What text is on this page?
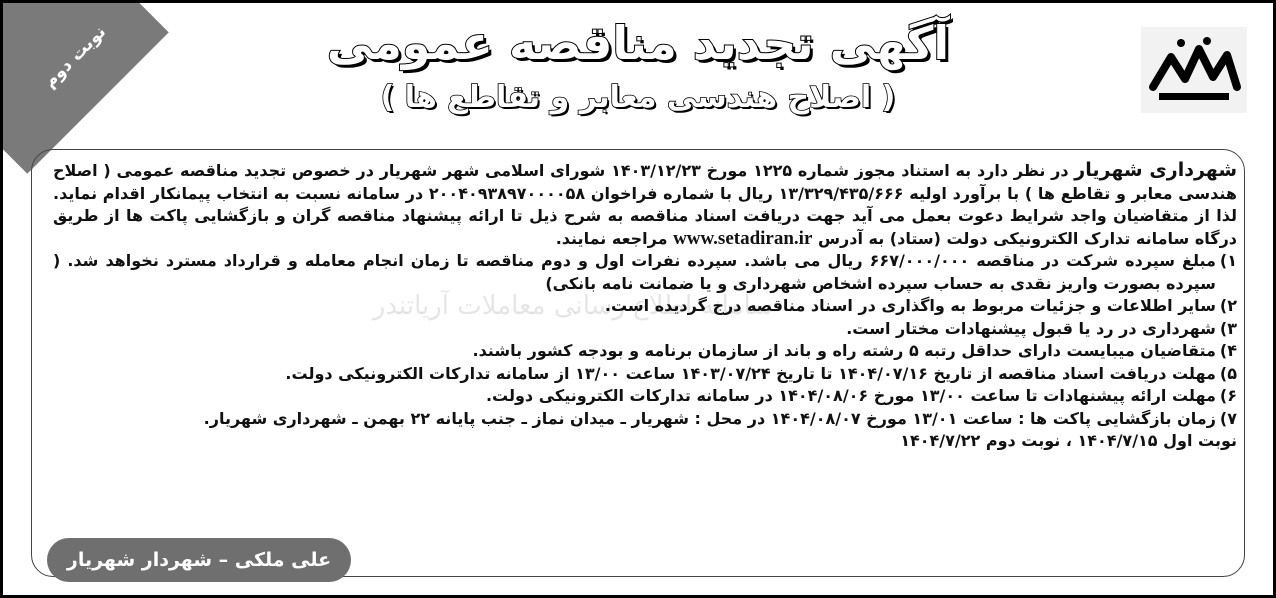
نوبت دوم	آگهی تجدید مناقصه عمومی
( اصلاح هندسی معابر و تقاطع ها )
سامانه اطلاع رسانی معاملات آریاتندر

شهرداری شهریار در نظر دارد به استناد مجوز شماره ۱۲۲۵ مورخ ۱۴۰۳/۱۲/۲۳ شورای اسلامی شهر شهریار در خصوص تجدید مناقصه عمومی ( اصلاح هندسی معابر و تقاطع ها ) با برآورد اولیه ۱۳/۳۲۹/۴۳۵/۶۶۶ ریال با شماره فراخوان ۲۰۰۴۰۹۳۸۹۷۰۰۰۰۵۸ در سامانه نسبت به انتخاب پیمانکار اقدام نماید. لذا از متقاضیان واجد شرایط دعوت بعمل می آید جهت دریافت اسناد مناقصه به شرح ذیل تا ارائه پیشنهاد مناقصه گران و بازگشایی پاکت ها از طریق درگاه سامانه تدارک الکترونیکی دولت (ستاد) به آدرس www.setadiran.ir مراجعه نمایند.

۱)
مبلغ سپرده شرکت در مناقصه ۶۶۷/۰۰۰/۰۰۰ ریال می باشد. سپرده نفرات اول و دوم مناقصه تا زمان انجام معامله و قرارداد مسترد نخواهد شد. ( سپرده بصورت واریز نقدی به حساب سپرده اشخاص شهرداری و یا ضمانت نامه بانکی)
۲)
سایر اطلاعات و جزئیات مربوط به واگذاری در اسناد مناقصه درج گردیده است.
۳)
شهرداری در رد یا قبول پیشنهادات مختار است.
۴)
متقاضیان میبایست دارای حداقل رتبه ۵ رشته راه و باند از سازمان برنامه و بودجه کشور باشند.
۵)
مهلت دریافت اسناد مناقصه از تاریخ ۱۴۰۴/۰۷/۱۶ تا تاریخ ۱۴۰۳/۰۷/۲۴ ساعت ۱۳/۰۰ از سامانه تدارکات الکترونیکی دولت.
۶)
مهلت ارائه پیشنهادات تا ساعت ۱۳/۰۰ مورخ ۱۴۰۴/۰۸/۰۶ در سامانه تدارکات الکترونیکی دولت.
۷)
زمان بازگشایی پاکت ها : ساعت ۱۳/۰۱ مورخ ۱۴۰۴/۰۸/۰۷ در محل : شهریار ـ میدان نماز ـ جنب پایانه ۲۲ بهمن ـ شهرداری شهریار.

نوبت اول ۱۴۰۴/۷/۱۵ ، نوبت دوم ۱۴۰۴/۷/۲۲

علی ملکی – شهردار شهریار
